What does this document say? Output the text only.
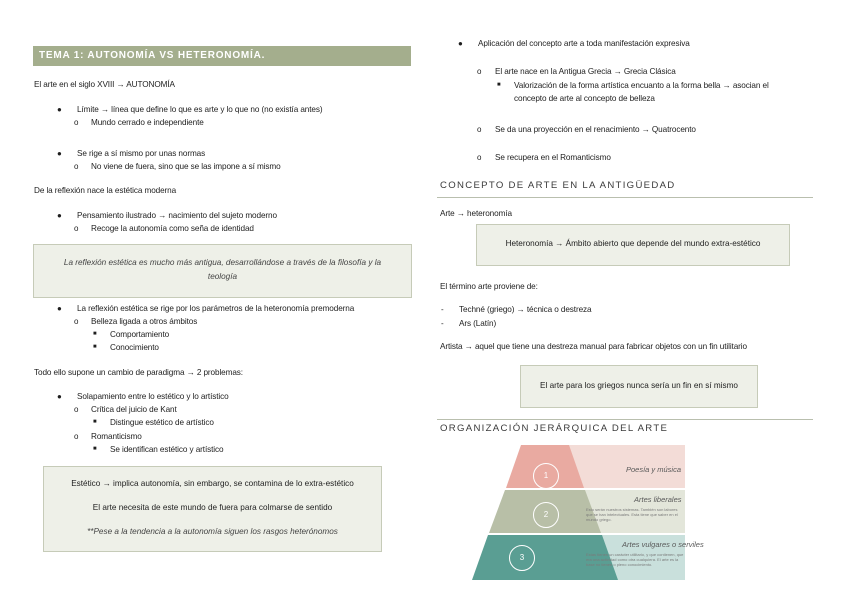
TEMA 1: AUTONOMÍA VS HETERONOMÍA.
El arte en el siglo XVIII → AUTONOMÍA
● Límite → línea que define lo que es arte y lo que no (no existía antes)
o Mundo cerrado e independiente
● Se rige a sí mismo por unas normas
o No viene de fuera, sino que se las impone a sí mismo
De la reflexión nace la estética moderna
● Pensamiento ilustrado → nacimiento del sujeto moderno
o Recoge la autonomía como seña de identidad
La reflexión estética es mucho más antigua, desarrollándose a través de la filosofía y la
teología
● La reflexión estética se rige por los parámetros de la heteronomía premoderna
o Belleza ligada a otros ámbitos
■ Comportamiento
■ Conocimiento
Todo ello supone un cambio de paradigma → 2 problemas:
● Solapamiento entre lo estético y lo artístico
o Crítica del juicio de Kant
■ Distingue estético de artístico
o Romanticismo
■ Se identifican estético y artístico
Estético → implica autonomía, sin embargo, se contamina de lo extra-estético
El arte necesita de este mundo de fuera para colmarse de sentido
**Pese a la tendencia a la autonomía siguen los rasgos heterónomos
● Aplicación del concepto arte a toda manifestación expresiva
o El arte nace en la Antigua Grecia → Grecia Clásica
■ Valorización de la forma artística encuanto a la forma bella → asocian el
concepto de arte al concepto de belleza
o Se da una proyección en el renacimiento → Quatrocento
o Se recupera en el Romanticismo
CONCEPTO DE ARTE EN LA ANTIGÜEDAD
Arte → heteronomía
Heteronomía → Ámbito abierto que depende del mundo extra-estético
El término arte proviene de:
- Techné (griego) → técnica o destreza
- Ars (Latín)
Artista → aquel que tiene una destreza manual para fabricar objetos con un fin utilitario
El arte para los griegos nunca sería un fin en sí mismo
ORGANIZACIÓN JERÁRQUICA DEL ARTE
1
2
3
Poesía y música
Artes liberales
Esto serán nuestros sistemas. También son labores que se han intelectuales. Esta tiene que saber en el mundo griego.
Artes vulgares o serviles
Estas tienen un carácter utilitario, y que contienen, que era una actividad como otra cualquiera. El arte es la base no tienen o pleno conocimiento.
